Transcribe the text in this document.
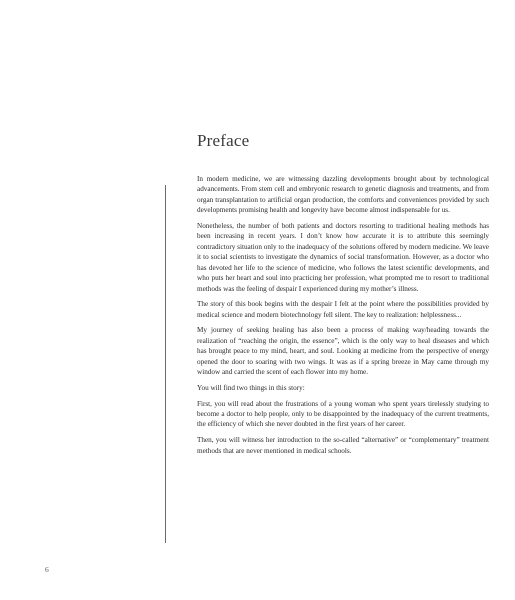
Preface

In modern medicine, we are witnessing dazzling developments brought about by technological advancements. From stem cell and embryonic research to genetic diagnosis and treatments, and from organ transplantation to artificial organ production, the comforts and conveniences provided by such developments promising health and longevity have become almost indispensable for us.

Nonetheless, the number of both patients and doctors resorting to traditional healing methods has been increasing in recent years. I don’t know how accurate it is to attribute this seemingly contradictory situation only to the inadequacy of the solutions offered by modern medicine. We leave it to social scientists to investigate the dynamics of social transformation. However, as a doctor who has devoted her life to the science of medicine, who follows the latest scientific developments, and who puts her heart and soul into practicing her profession, what prompted me to resort to traditional methods was the feeling of despair I experienced during my mother’s illness.

The story of this book begins with the despair I felt at the point where the possibilities provided by medical science and modern biotechnology fell silent. The key to realization: helplessness...

My journey of seeking healing has also been a process of making way/heading towards the realization of “reaching the origin, the essence”, which is the only way to heal diseases and which has brought peace to my mind, heart, and soul. Looking at medicine from the perspective of energy opened the door to soaring with two wings. It was as if a spring breeze in May came through my window and carried the scent of each flower into my home.

You will find two things in this story:

First, you will read about the frustrations of a young woman who spent years tirelessly studying to become a doctor to help people, only to be disappointed by the inadequacy of the current treatments, the efficiency of which she never doubted in the first years of her career.

Then, you will witness her introduction to the so-called “alternative” or “complementary” treatment methods that are never mentioned in medical schools.

6
